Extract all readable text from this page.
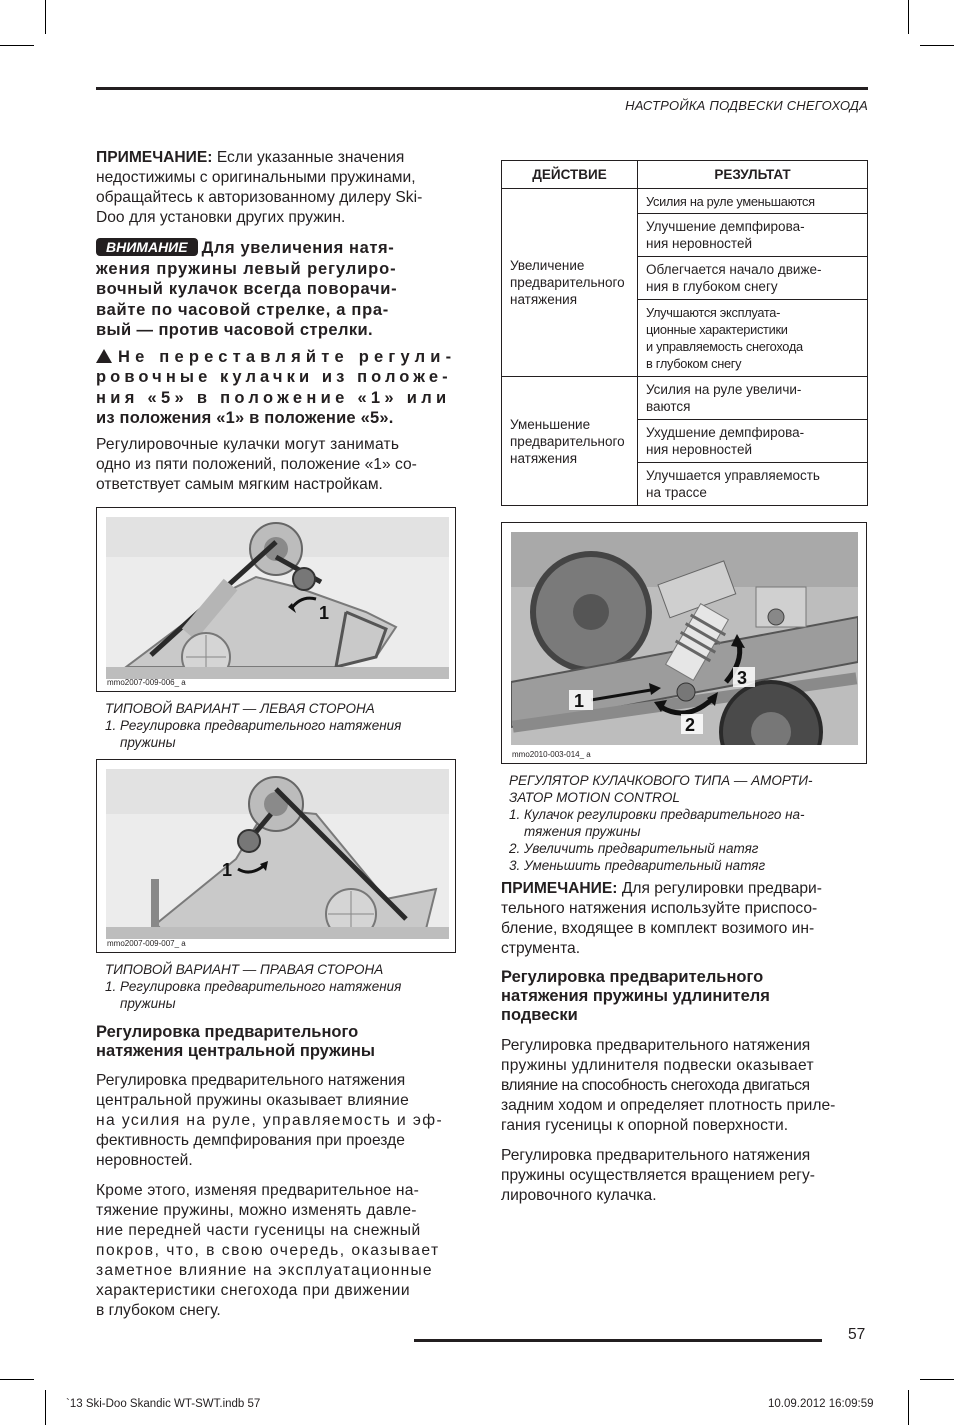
НАСТРОЙКА ПОДВЕСКИ СНЕГОХОДА

ПРИМЕЧАНИЕ: Если указанные значения
недостижимы с оригинальными пружинами,
обращайтесь к авторизованному дилеру Ski-
Doo для установки других пружин.

ВНИМАНИЕ Для увеличения натя-
жения пружины левый регулиро-
вочный кулачок всегда поворачи-
вайте по часовой стрелке, а пра-
вый — против часовой стрелки.

Не переставляйте регули-
ровочные кулачки из положе-
ния «5» в положение «1» или
из положения «1» в положение «5».

Регулировочные кулачки могут занимать
одно из пяти положений, положение «1» со-
ответствует самым мягким настройкам.

1
mmo2007-009-006_ a
ТИПОВОЙ ВАРИАНТ — ЛЕВАЯ СТОРОНА
1. Регулировка предварительного натяжения
пружины
1
mmo2007-009-007_ a
ТИПОВОЙ ВАРИАНТ — ПРАВАЯ СТОРОНА
1. Регулировка предварительного натяжения
пружины
Регулировка предварительного
натяжения центральной пружины

Регулировка предварительного натяжения
центральной пружины оказывает влияние
на усилия на руле, управляемость и эф-
фективность демпфирования при проезде
неровностей.

Кроме этого, изменяя предварительное на-
тяжение пружины, можно изменять давле-
ние передней части гусеницы на снежный
покров, что, в свою очередь, оказывает
заметное влияние на эксплуатационные
характеристики снегохода при движении
в глубоком снегу.

ДЕЙСТВИЕ	РЕЗУЛЬТАТ
Увеличение
предварительного
натяжения	Усилия на руле уменьшаются
	Улучшение демпфирова-
ния неровностей
	Облегчается начало движе-
ния в глубоком снегу
	Улучшаются эксплуата-
ционные характеристики
и управляемость снегохода
в глубоком снегу
Уменьшение
предварительного
натяжения	Усилия на руле увеличи-
ваются
	Ухудшение демпфирова-
ния неровностей
	Улучшается управляемость
на трассе
1
2
3
mmo2010-003-014_ a
РЕГУЛЯТОР КУЛАЧКОВОГО ТИПА — АМОРТИ-
ЗАТОР MOTION CONTROL
1. Кулачок регулировки предварительного на-
тяжения пружины
2. Увеличить предварительный натяг
3. Уменьшить предварительный натяг

ПРИМЕЧАНИЕ: Для регулировки предвари-
тельного натяжения используйте приспосо-
бление, входящее в комплект возимого ин-
струмента.

Регулировка предварительного
натяжения пружины удлинителя
подвески

Регулировка предварительного натяжения
пружины удлинителя подвески оказывает
влияние на способность снегохода двигаться
задним ходом и определяет плотность приле-
гания гусеницы к опорной поверхности.

Регулировка предварительного натяжения
пружины осуществляется вращением регу-
лировочного кулачка.

57
`13 Ski-Doo Skandic WT-SWT.indb 57	10.09.2012 16:09:59
